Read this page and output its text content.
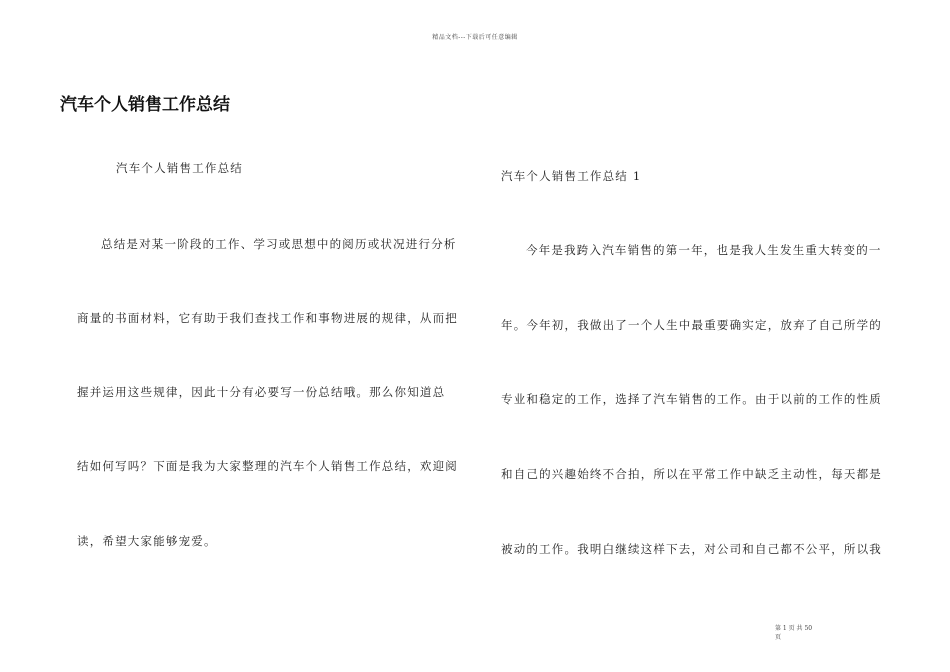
精品文档---下载后可任意编辑
汽车个人销售工作总结
汽车个人销售工作总结
总结是对某一阶段的工作、学习或思想中的阅历或状况进行分析
商量的书面材料，它有助于我们查找工作和事物进展的规律，从而把
握并运用这些规律，因此十分有必要写一份总结哦。那么你知道总
结如何写吗？下面是我为大家整理的汽车个人销售工作总结，欢迎阅
读，希望大家能够宠爱。
汽车个人销售工作总结 1
今年是我跨入汽车销售的第一年，也是我人生发生重大转变的一
年。今年初，我做出了一个人生中最重要确实定，放弃了自己所学的
专业和稳定的工作，选择了汽车销售的工作。由于以前的工作的性质
和自己的兴趣始终不合拍，所以在平常工作中缺乏主动性，每天都是
被动的工作。我明白继续这样下去，对公司和自己都不公平，所以我
第 1 页 共 50
页
